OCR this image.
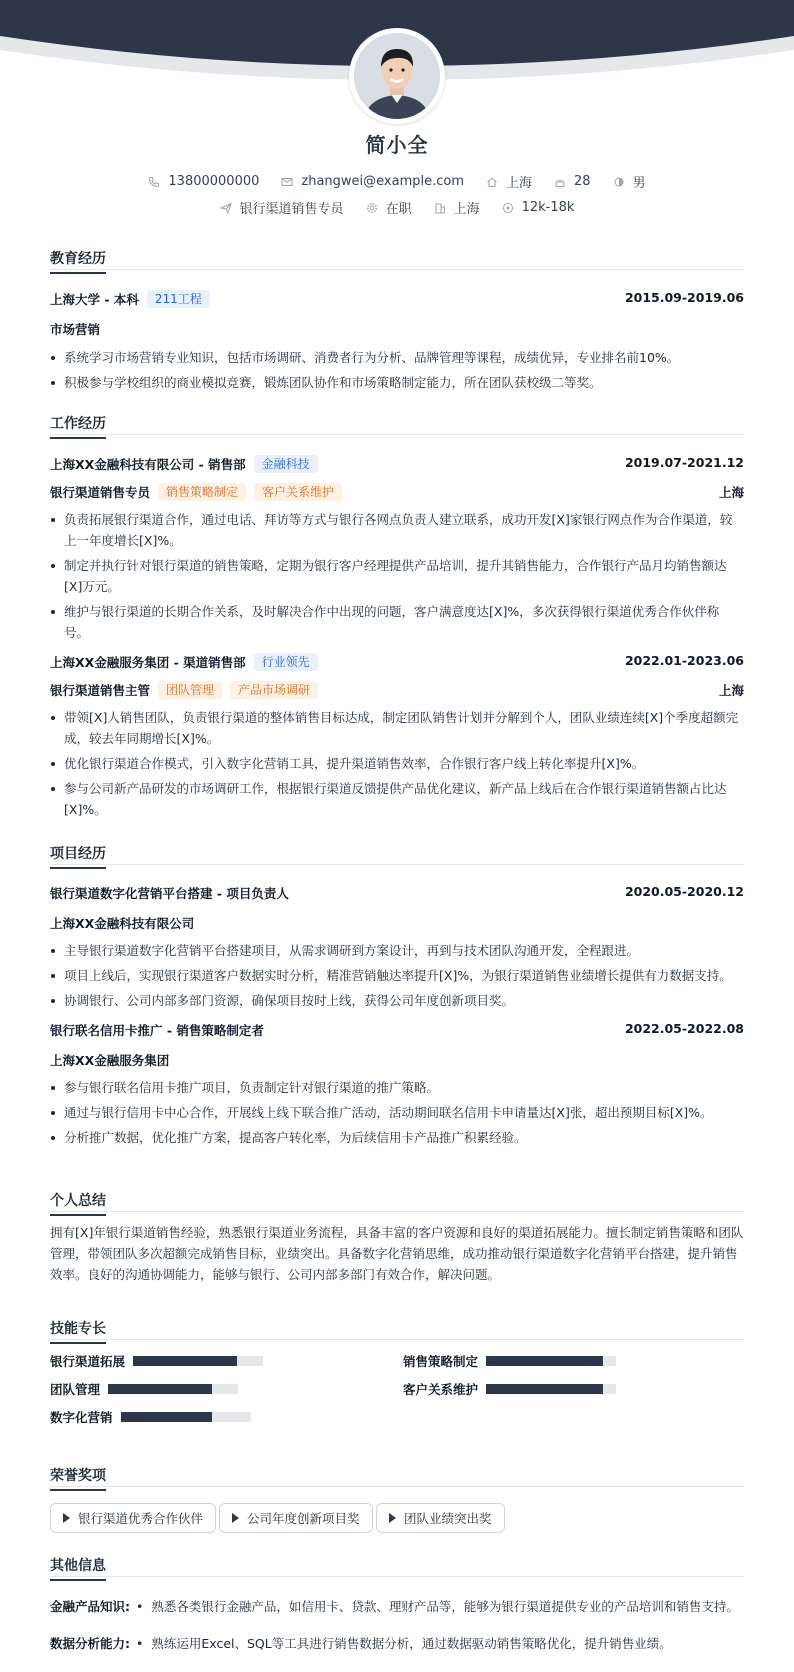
简小全
13800000000	zhangwei@example.com	上海	28	男
银行渠道销售专员	在职	上海	12k-18k
教育经历
上海大学 - 本科	211工程	2015.09-2019.06
市场营销
系统学习市场营销专业知识，包括市场调研、消费者行为分析、品牌管理等课程，成绩优异，专业排名前10%。
积极参与学校组织的商业模拟竞赛，锻炼团队协作和市场策略制定能力，所在团队获校级二等奖。
工作经历
上海XX金融科技有限公司 - 销售部	金融科技	2019.07-2021.12
银行渠道销售专员	销售策略制定	客户关系维护	上海
负责拓展银行渠道合作，通过电话、拜访等方式与银行各网点负责人建立联系，成功开发[X]家银行网点作为合作渠道，较上一年度增长[X]%。
制定并执行针对银行渠道的销售策略，定期为银行客户经理提供产品培训，提升其销售能力，合作银行产品月均销售额达[X]万元。
维护与银行渠道的长期合作关系，及时解决合作中出现的问题，客户满意度达[X]%，多次获得银行渠道优秀合作伙伴称号。
上海XX金融服务集团 - 渠道销售部	行业领先	2022.01-2023.06
银行渠道销售主管	团队管理	产品市场调研	上海
带领[X]人销售团队，负责银行渠道的整体销售目标达成，制定团队销售计划并分解到个人，团队业绩连续[X]个季度超额完成，较去年同期增长[X]%。
优化银行渠道合作模式，引入数字化营销工具，提升渠道销售效率，合作银行客户线上转化率提升[X]%。
参与公司新产品研发的市场调研工作，根据银行渠道反馈提供产品优化建议，新产品上线后在合作银行渠道销售额占比达[X]%。
项目经历
银行渠道数字化营销平台搭建 - 项目负责人	2020.05-2020.12
上海XX金融科技有限公司
主导银行渠道数字化营销平台搭建项目，从需求调研到方案设计，再到与技术团队沟通开发，全程跟进。
项目上线后，实现银行渠道客户数据实时分析，精准营销触达率提升[X]%，为银行渠道销售业绩增长提供有力数据支持。
协调银行、公司内部多部门资源，确保项目按时上线，获得公司年度创新项目奖。
银行联名信用卡推广 - 销售策略制定者	2022.05-2022.08
上海XX金融服务集团
参与银行联名信用卡推广项目，负责制定针对银行渠道的推广策略。
通过与银行信用卡中心合作，开展线上线下联合推广活动，活动期间联名信用卡申请量达[X]张，超出预期目标[X]%。
分析推广数据，优化推广方案，提高客户转化率，为后续信用卡产品推广积累经验。
个人总结
拥有[X]年银行渠道销售经验，熟悉银行渠道业务流程，具备丰富的客户资源和良好的渠道拓展能力。擅长制定销售策略和团队管理，带领团队多次超额完成销售目标，业绩突出。具备数字化营销思维，成功推动银行渠道数字化营销平台搭建，提升销售效率。良好的沟通协调能力，能够与银行、公司内部多部门有效合作，解决问题。
技能专长
银行渠道拓展	销售策略制定
团队管理	客户关系维护
数字化营销
荣誉奖项
银行渠道优秀合作伙伴	公司年度创新项目奖	团队业绩突出奖
其他信息
金融产品知识: • 熟悉各类银行金融产品，如信用卡、贷款、理财产品等，能够为银行渠道提供专业的产品培训和销售支持。
数据分析能力: • 熟练运用Excel、SQL等工具进行销售数据分析，通过数据驱动销售策略优化，提升销售业绩。
